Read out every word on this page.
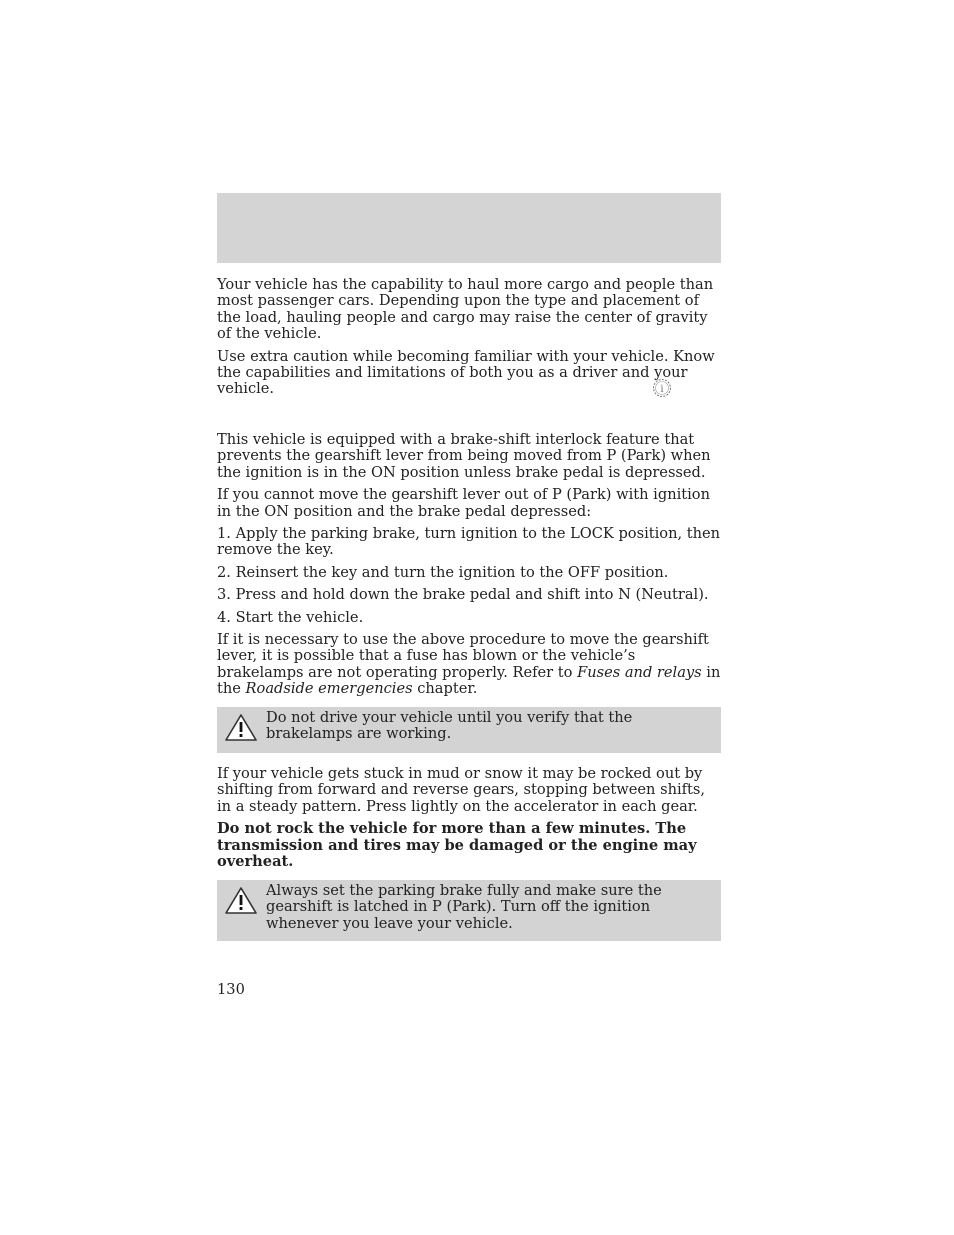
Your vehicle has the capability to haul more cargo and people than most passenger cars. Depending upon the type and placement of the load, hauling people and cargo may raise the center of gravity of the vehicle.

Use extra caution while becoming familiar with your vehicle. Know the capabilities and limitations of both you as a driver and your vehicle.	i

This vehicle is equipped with a brake-shift interlock feature that prevents the gearshift lever from being moved from P (Park) when the ignition is in the ON position unless brake pedal is depressed.

If you cannot move the gearshift lever out of P (Park) with ignition in the ON position and the brake pedal depressed:

1. Apply the parking brake, turn ignition to the LOCK position, then remove the key.

2. Reinsert the key and turn the ignition to the OFF position.

3. Press and hold down the brake pedal and shift into N (Neutral).

4. Start the vehicle.

If it is necessary to use the above procedure to move the gearshift lever, it is possible that a fuse has blown or the vehicle’s brakelamps are not operating properly. Refer to Fuses and relays in the Roadside emergencies chapter.

Do not drive your vehicle until you verify that the brakelamps are working.

If your vehicle gets stuck in mud or snow it may be rocked out by shifting from forward and reverse gears, stopping between shifts, in a steady pattern. Press lightly on the accelerator in each gear.

Do not rock the vehicle for more than a few minutes. The transmission and tires may be damaged or the engine may overheat.

Always set the parking brake fully and make sure the gearshift is latched in P (Park). Turn off the ignition whenever you leave your vehicle.
130
